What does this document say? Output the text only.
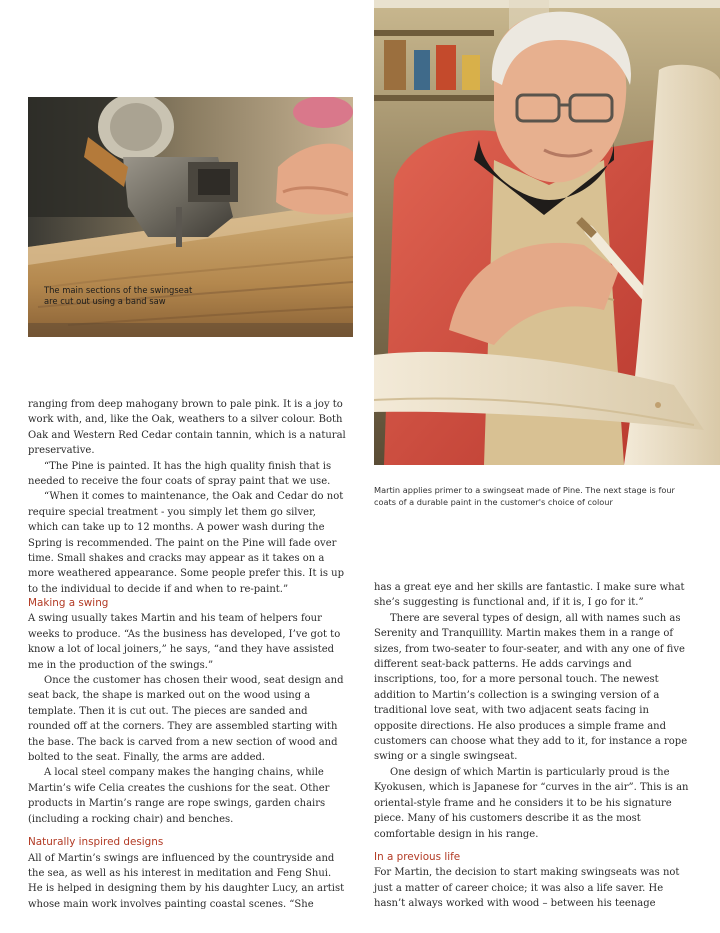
The main sections of the swingseat are cut out using a band saw
Martin applies primer to a swingseat made of Pine. The next stage is four coats of a durable paint in the customer's choice of colour

ranging from deep mahogany brown to pale pink. It is a joy to work with, and, like the Oak, weathers to a silver colour. Both Oak and Western Red Cedar contain tannin, which is a natural preservative.

“The Pine is painted. It has the high quality finish that is needed to receive the four coats of spray paint that we use.

“When it comes to maintenance, the Oak and Cedar do not require special treatment - you simply let them go silver, which can take up to 12 months. A power wash during the Spring is recommended. The paint on the Pine will fade over time. Small shakes and cracks may appear as it takes on a more weathered appearance. Some people prefer this. It is up to the individual to decide if and when to re-paint.”

Making a swing

A swing usually takes Martin and his team of helpers four weeks to produce. “As the business has developed, I’ve got to know a lot of local joiners,” he says, “and they have assisted me in the production of the swings.”

Once the customer has chosen their wood, seat design and seat back, the shape is marked out on the wood using a template. Then it is cut out. The pieces are sanded and rounded off at the corners. They are assembled starting with the base. The back is carved from a new section of wood and bolted to the seat. Finally, the arms are added.

A local steel company makes the hanging chains, while Martin’s wife Celia creates the cushions for the seat. Other products in Martin’s range are rope swings, garden chairs (including a rocking chair) and benches.

Naturally inspired designs

All of Martin’s swings are influenced by the countryside and the sea, as well as his interest in meditation and Feng Shui. He is helped in designing them by his daughter Lucy, an artist whose main work involves painting coastal scenes. “She

has a great eye and her skills are fantastic. I make sure what she’s suggesting is functional and, if it is, I go for it.”

There are several types of design, all with names such as Serenity and Tranquillity. Martin makes them in a range of sizes, from two-seater to four-seater, and with any one of five different seat-back patterns. He adds carvings and inscriptions, too, for a more personal touch. The newest addition to Martin’s collection is a swinging version of a traditional love seat, with two adjacent seats facing in opposite directions. He also produces a simple frame and customers can choose what they add to it, for instance a rope swing or a single swingseat.

One design of which Martin is particularly proud is the Kyokusen, which is Japanese for “curves in the air”. This is an oriental-style frame and he considers it to be his signature piece. Many of his customers describe it as the most comfortable design in his range.

In a previous life

For Martin, the decision to start making swingseats was not just a matter of career choice; it was also a life saver. He hasn’t always worked with wood – between his teenage
